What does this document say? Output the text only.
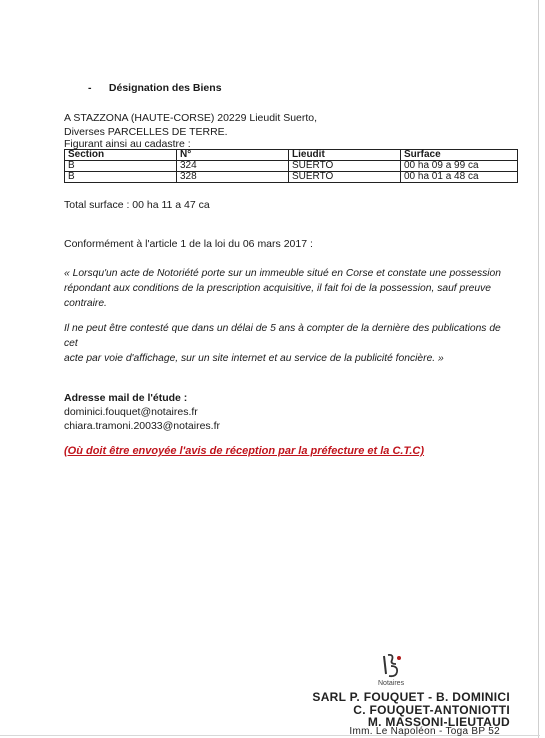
- Désignation des Biens
A STAZZONA (HAUTE-CORSE) 20229 Lieudit Suerto,
Diverses PARCELLES DE TERRE.
Figurant ainsi au cadastre :
Section	N°	Lieudit	Surface
B	324	SUERTO	00 ha 09 a 99 ca
B	328	SUERTO	00 ha 01 a 48 ca
Total surface : 00 ha 11 a 47 ca
Conformément à l'article 1 de la loi du 06 mars 2017 :
« Lorsqu'un acte de Notoriété porte sur un immeuble situé en Corse et constate une possession
répondant aux conditions de la prescription acquisitive, il fait foi de la possession, sauf preuve
contraire.
Il ne peut être contesté que dans un délai de 5 ans à compter de la dernière des publications de cet
acte par voie d'affichage, sur un site internet et au service de la publicité foncière. »
Adresse mail de l'étude :
dominici.fouquet@notaires.fr
chiara.tramoni.20033@notaires.fr
(Où doit être envoyée l'avis de réception par la préfecture et la C.T.C)
Notaires
SARL P. FOUQUET - B. DOMINICI
C. FOUQUET-ANTONIOTTI
M. MASSONI-LIEUTAUD
Imm. Le Napoléon - Toga BP 52
